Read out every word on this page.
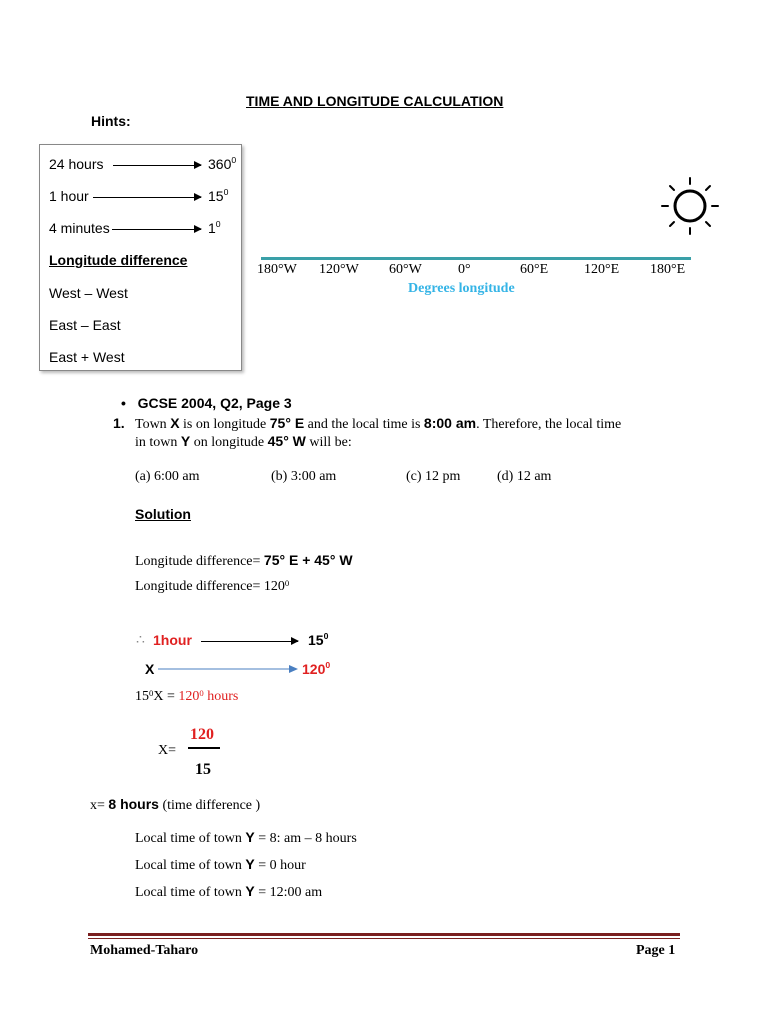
TIME AND LONGITUDE CALCULATION
Hints:
24 hours	$360^0$
1 hour	$15^0$
4 minutes	$1^0$
Longitude difference
West – West
East – East
East + West
180°W 120°W 60°W	0°	60°E	120°E 180°E
Degrees longitude
•   GCSE 2004, Q2, Page 3
1. Town X is on longitude 75° E and the local time is 8:00 am. Therefore, the local time
in town Y on longitude 45° W will be:
(a) 6:00 am	(b) 3:00 am	(c) 12 pm	(d) 12 am
Solution
Longitude difference= 75° E + 45° W
Longitude difference= $120^0$
∴ 1hour	$15^0$
X	$120^0$
$15^0X = 120^0$ hours
X=
120
15
x= 8 hours (time difference )
Local time of town Y = 8: am – 8 hours
Local time of town Y = 0 hour
Local time of town Y = 12:00 am
Mohamed-Taharo	Page 1
